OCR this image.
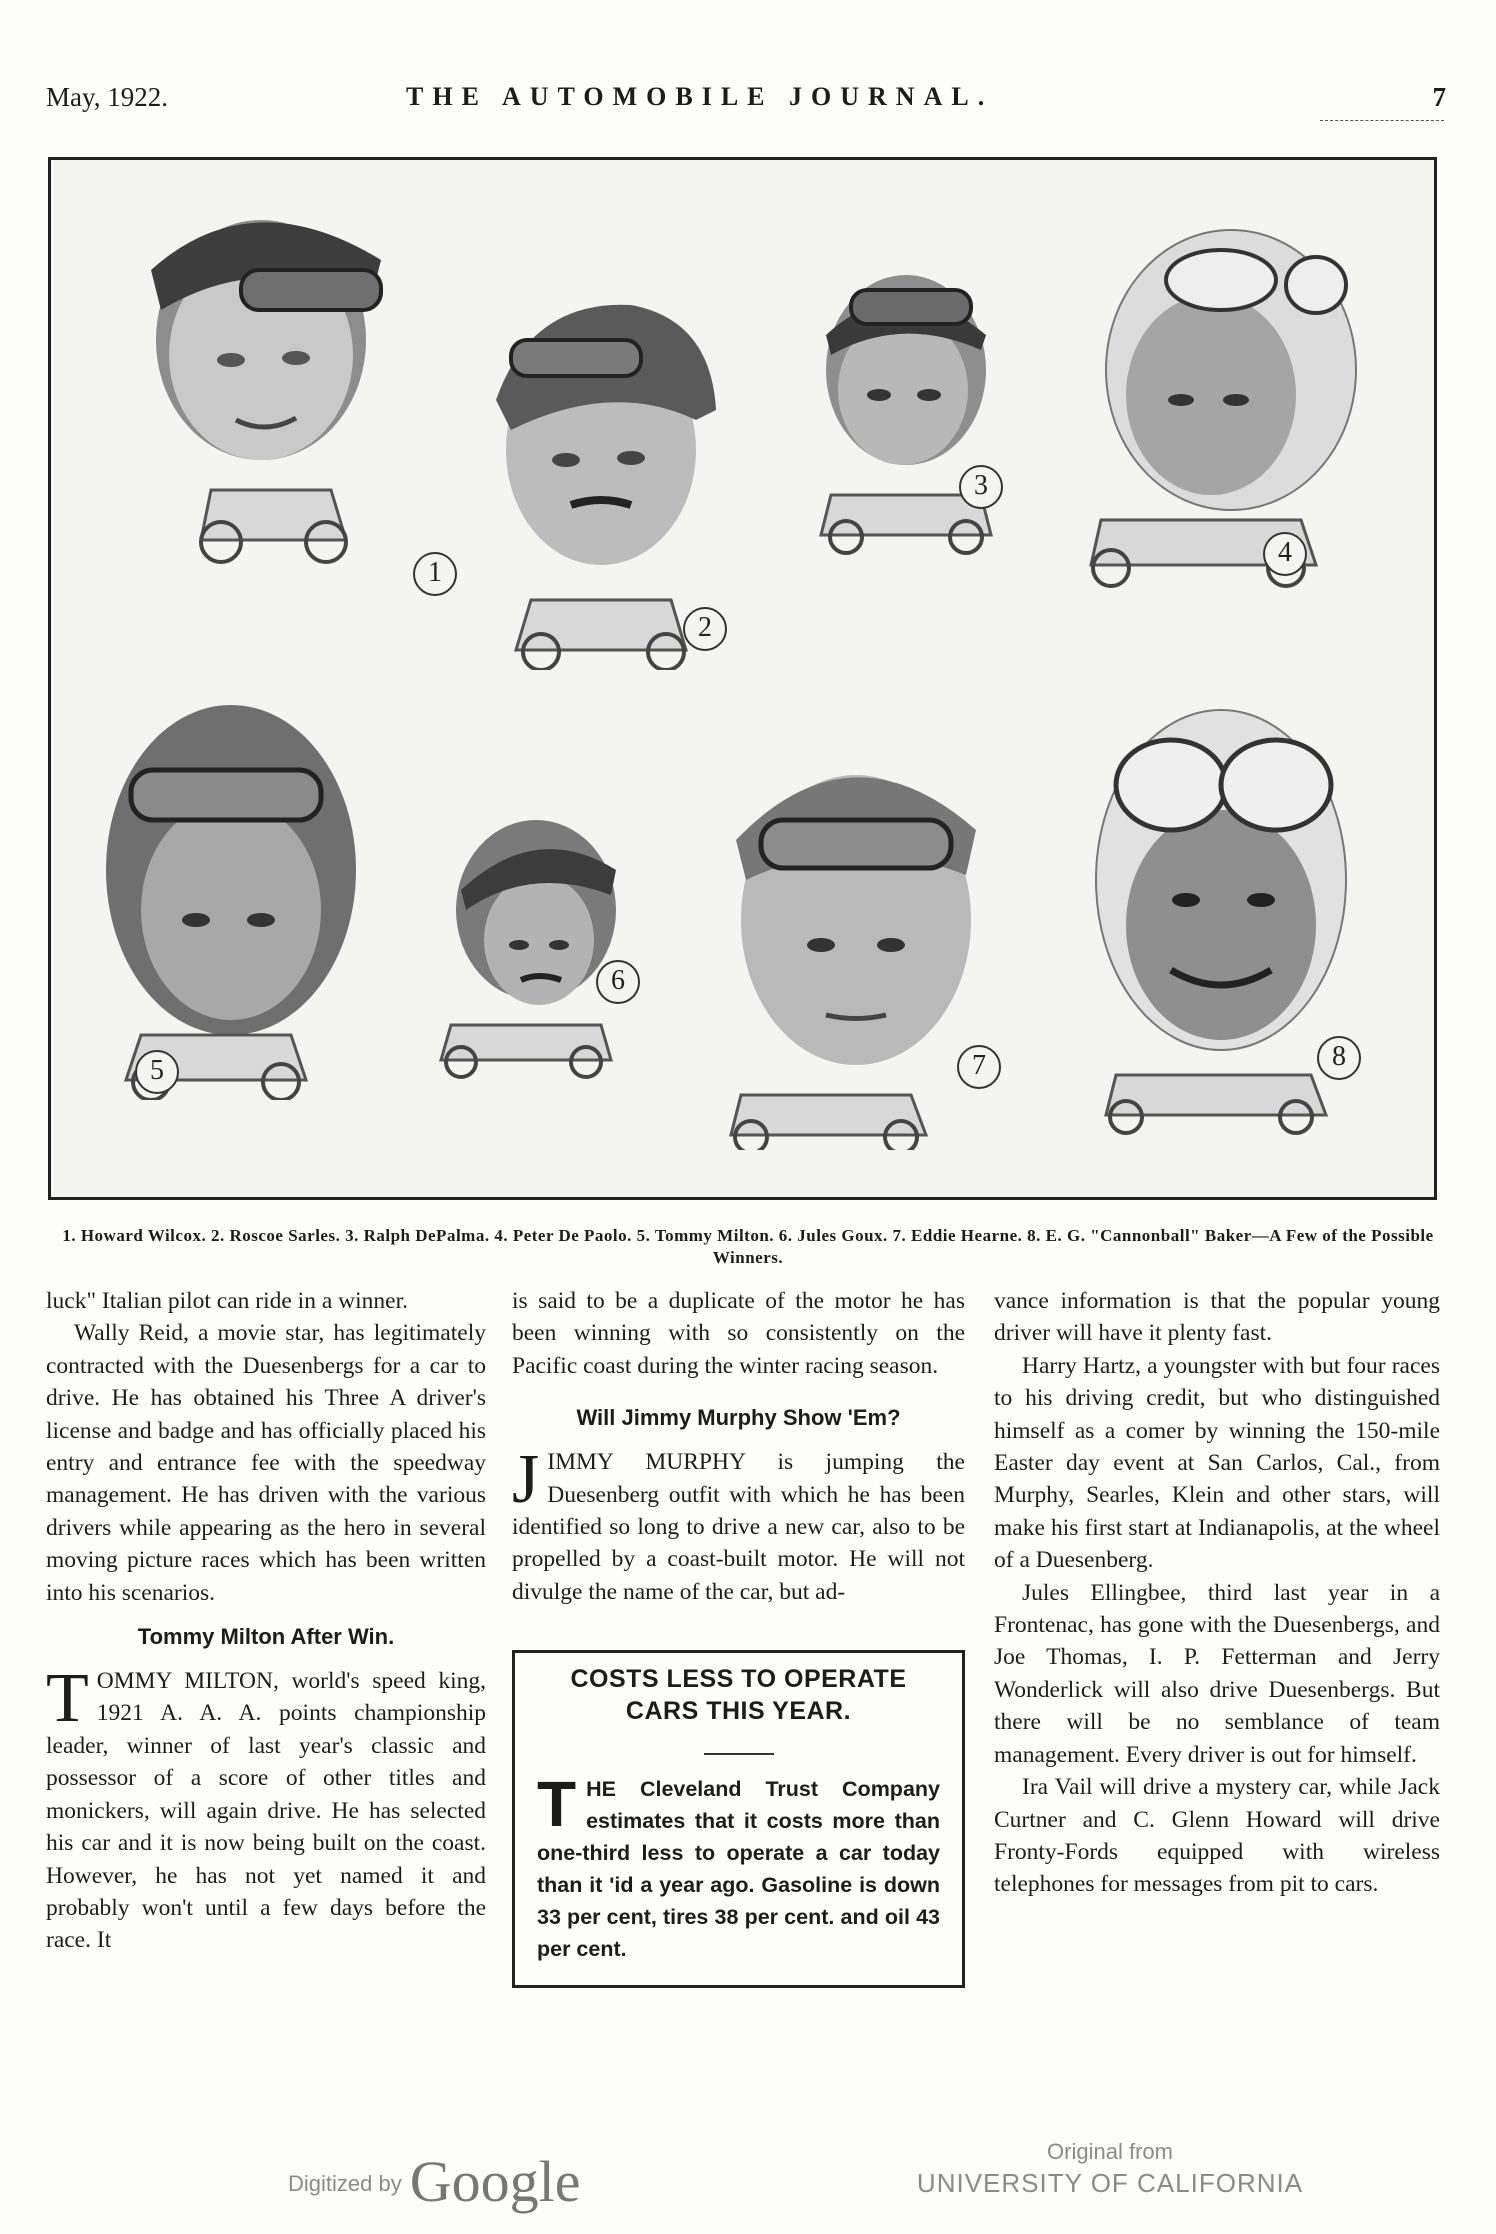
May, 1922.	THE AUTOMOBILE JOURNAL.	7
1
2
3
4
5
6
7	8
1. Howard Wilcox. 2. Roscoe Sarles. 3. Ralph DePalma. 4. Peter De Paolo. 5. Tommy Milton. 6. Jules Goux. 7. Eddie Hearne. 8. E. G. "Cannonball" Baker—A Few of the Possible Winners.

luck" Italian pilot can ride in a winner.

Wally Reid, a movie star, has legitimately contracted with the Duesenbergs for a car to drive. He has obtained his Three A driver's license and badge and has officially placed his entry and entrance fee with the speedway management. He has driven with the various drivers while appearing as the hero in several moving picture races which has been written into his scenarios.

Tommy Milton After Win.

TOMMY MILTON, world's speed king, 1921 A. A. A. points championship leader, winner of last year's classic and possessor of a score of other titles and monickers, will again drive. He has selected his car and it is now being built on the coast. However, he has not yet named it and probably won't until a few days before the race. It

is said to be a duplicate of the motor he has been winning with so consistently on the Pacific coast during the winter racing season.

Will Jimmy Murphy Show 'Em?

JIMMY MURPHY is jumping the Duesenberg outfit with which he has been identified so long to drive a new car, also to be propelled by a coast-built motor. He will not divulge the name of the car, but ad-

COSTS LESS TO OPERATE CARS THIS YEAR.

THE Cleveland Trust Company estimates that it costs more than one-third less to operate a car today than it 'id a year ago. Gasoline is down 33 per cent, tires 38 per cent. and oil 43 per cent.

vance information is that the popular young driver will have it plenty fast.

Harry Hartz, a youngster with but four races to his driving credit, but who distinguished himself as a comer by winning the 150-mile Easter day event at San Carlos, Cal., from Murphy, Searles, Klein and other stars, will make his first start at Indianapolis, at the wheel of a Duesenberg.

Jules Ellingbee, third last year in a Frontenac, has gone with the Duesenbergs, and Joe Thomas, I. P. Fetterman and Jerry Wonderlick will also drive Duesenbergs. But there will be no semblance of team management. Every driver is out for himself.

Ira Vail will drive a mystery car, while Jack Curtner and C. Glenn Howard will drive Fronty-Fords equipped with wireless telephones for messages from pit to cars.

Digitized by Google	Original from
UNIVERSITY OF CALIFORNIA
